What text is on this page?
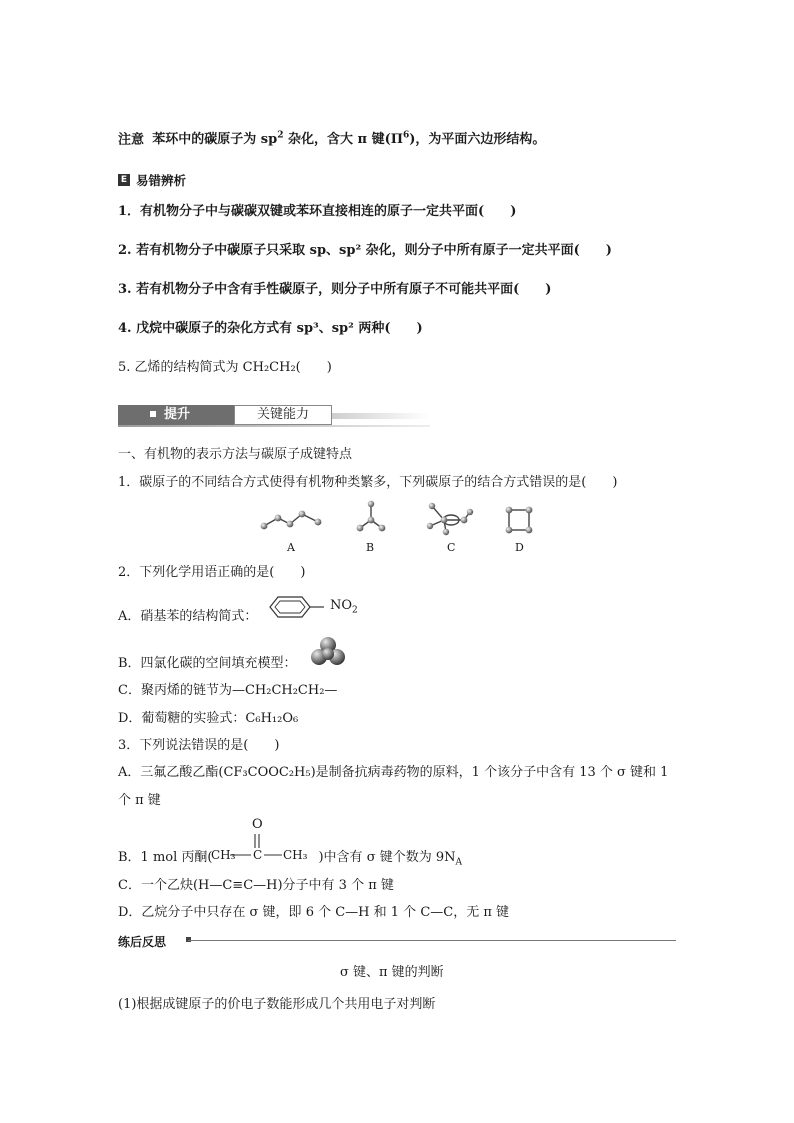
注意 苯环中的碳原子为 $sp^2$ 杂化，含大 π 键$(\Pi^6)$，为平面六边形结构。
E 易错辨析
1．有机物分子中与碳碳双键或苯环直接相连的原子一定共平面(　　)
2. 若有机物分子中碳原子只采取 sp、sp² 杂化，则分子中所有原子一定共平面(　　)
3. 若有机物分子中含有手性碳原子，则分子中所有原子不可能共平面(　　)
4. 戊烷中碳原子的杂化方式有 sp³、sp² 两种(　　)
5. 乙烯的结构简式为 CH₂CH₂(　　)
提升	关键能力
一、有机物的表示方法与碳原子成键特点
1．碳原子的不同结合方式使得有机物种类繁多，下列碳原子的结合方式错误的是(　　)
A	B	C	D
2．下列化学用语正确的是(　　)
A．硝基苯的结构简式：
$NO_2$
B．四氯化碳的空间填充模型：
C．聚丙烯的链节为—CH₂CH₂CH₂—
D．葡萄糖的实验式：C₆H₁₂O₆
3．下列说法错误的是(　　)
A．三氟乙酸乙酯(CF₃COOC₂H₅)是制备抗病毒药物的原料，1 个该分子中含有 13 个 σ 键和 1
个 π 键
B．1 mol 丙酮(	)中含有 σ 键个数为 $9N_A$
O
CH₃ C CH₃
C．一个乙炔(H—C≡C—H)分子中有 3 个 π 键
D．乙烷分子中只存在 σ 键，即 6 个 C—H 和 1 个 C—C，无 π 键
练后反思
σ 键、π 键的判断
(1)根据成键原子的价电子数能形成几个共用电子对判断
